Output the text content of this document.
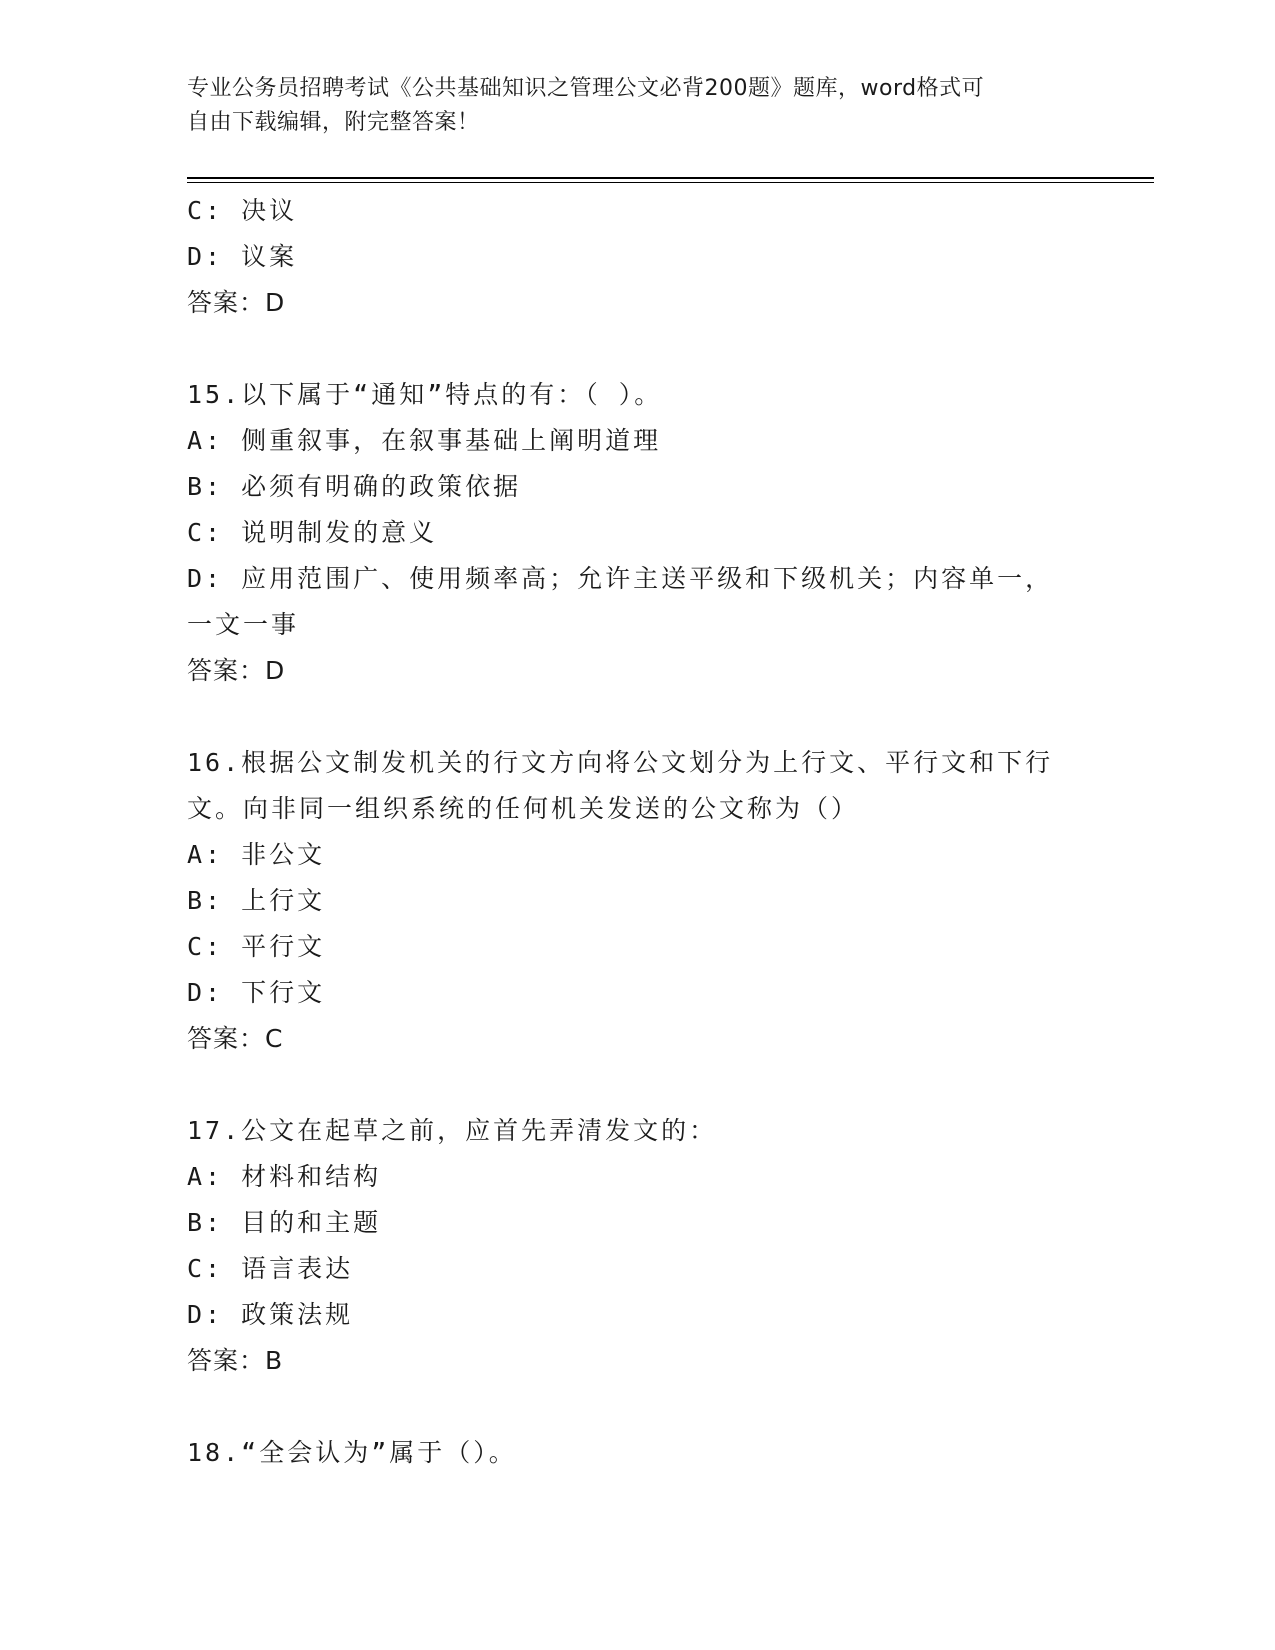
专业公务员招聘考试《公共基础知识之管理公文必背200题》题库，word格式可

自由下载编辑，附完整答案！

C: 决议
D: 议案
答案：D
15.以下属于“通知”特点的有：（ ）。
A: 侧重叙事，在叙事基础上阐明道理
B: 必须有明确的政策依据
C: 说明制发的意义
D: 应用范围广、使用频率高；允许主送平级和下级机关；内容单一，
一文一事
答案：D
16.根据公文制发机关的行文方向将公文划分为上行文、平行文和下行
文。向非同一组织系统的任何机关发送的公文称为（）
A: 非公文
B: 上行文
C: 平行文
D: 下行文
答案：C
17.公文在起草之前，应首先弄清发文的：
A: 材料和结构
B: 目的和主题
C: 语言表达
D: 政策法规
答案：B
18.“全会认为”属于（）。
